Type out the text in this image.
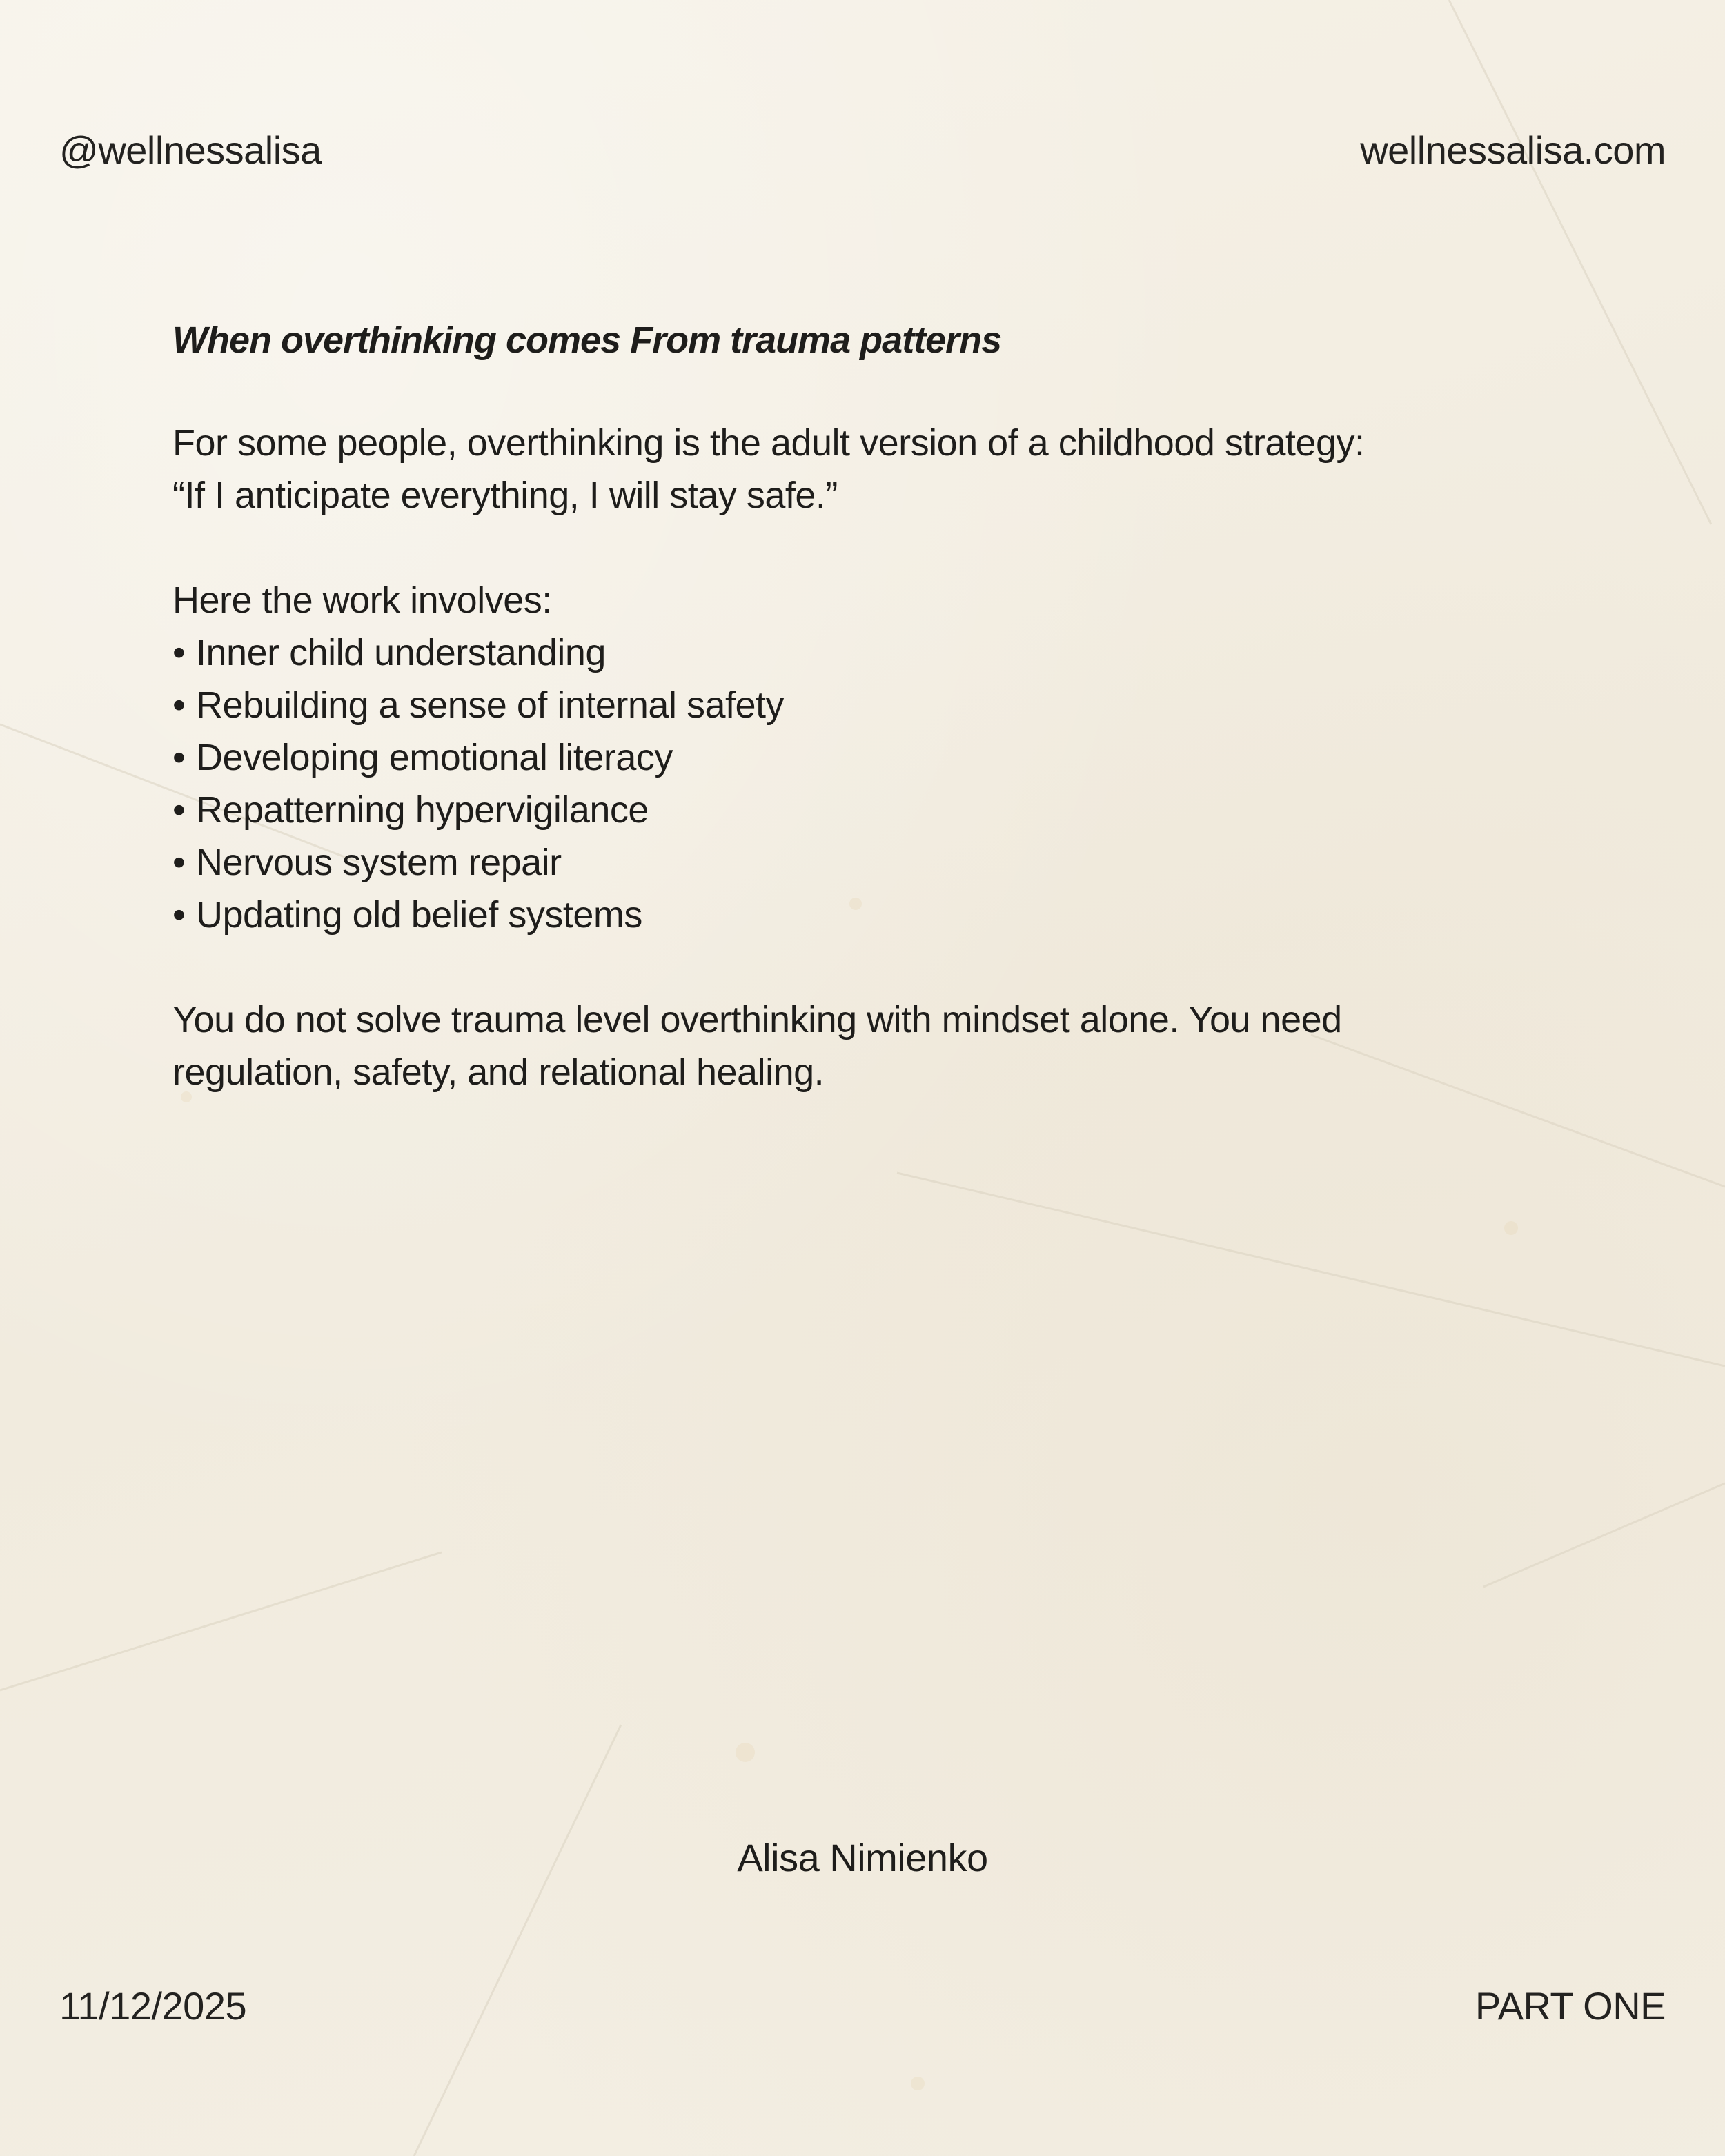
@wellnessalisa	wellnessalisa.com
When overthinking comes From trauma patterns

For some people, overthinking is the adult version of a childhood strategy:

“If I anticipate everything, I will stay safe.”

Here the work involves:

• Inner child understanding
• Rebuilding a sense of internal safety
• Developing emotional literacy
• Repatterning hypervigilance
• Nervous system repair
• Updating old belief systems

You do not solve trauma level overthinking with mindset alone. You need

regulation, safety, and relational healing.

Alisa Nimienko
11/12/2025	PART ONE
